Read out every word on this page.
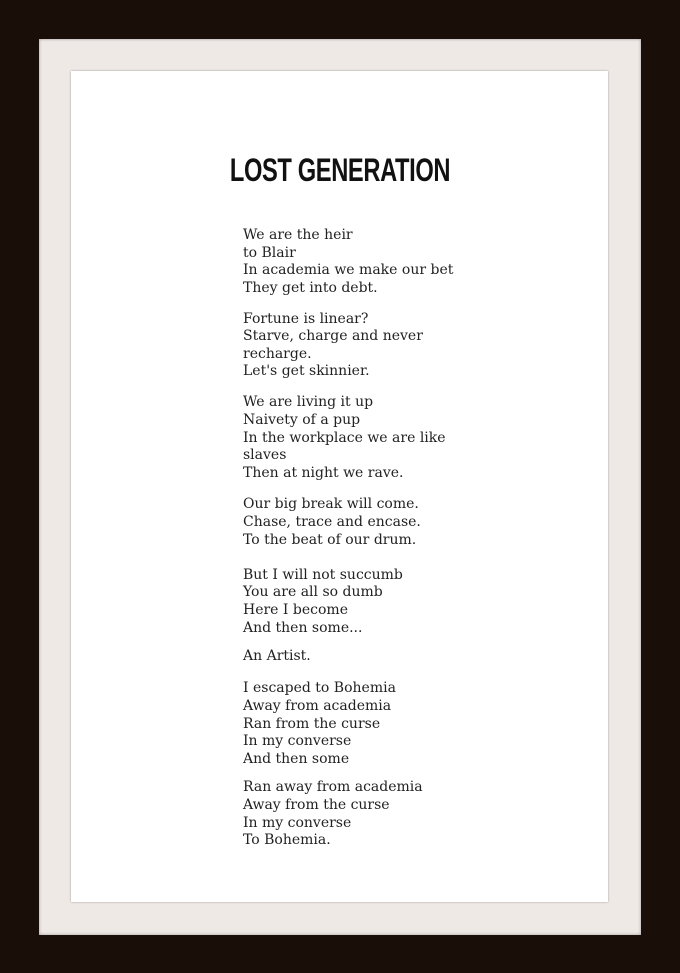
LOST GENERATION
We are the heir
to Blair
In academia we make our bet
They get into debt.
Fortune is linear?
Starve, charge and never
recharge.
Let's get skinnier.
We are living it up
Naivety of a pup
In the workplace we are like
slaves
Then at night we rave.
Our big break will come.
Chase, trace and encase.
To the beat of our drum.
But I will not succumb
You are all so dumb
Here I become
And then some...
An Artist.
I escaped to Bohemia
Away from academia
Ran from the curse
In my converse
And then some
Ran away from academia
Away from the curse
In my converse
To Bohemia.
